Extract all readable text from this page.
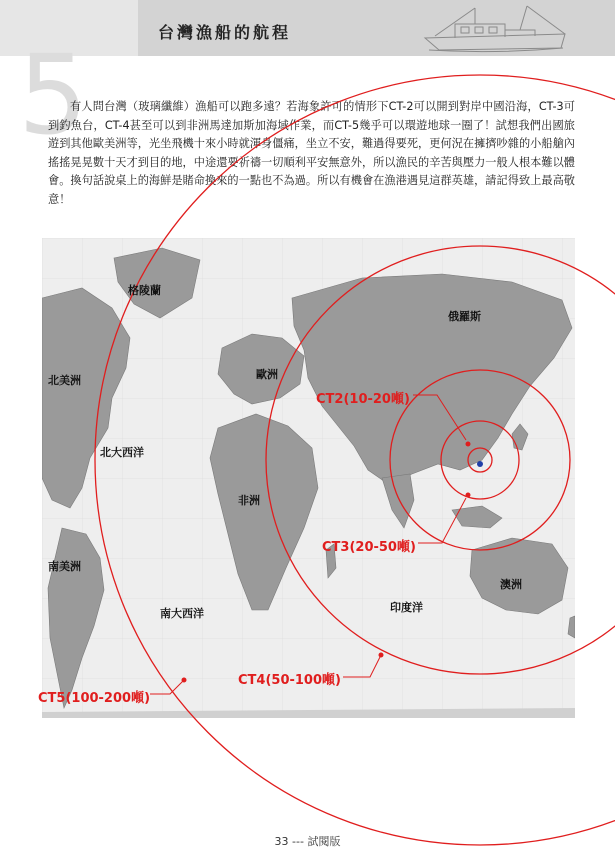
台灣漁船的航程
5
有人問台灣（玻璃纖維）漁船可以跑多遠？若海象許可的情形下CT-2可以開到對岸中國沿海，CT-3可到釣魚台，CT-4甚至可以到非洲馬達加斯加海域作業，而CT-5幾乎可以環遊地球一圈了！試想我們出國旅遊到其他歐美洲等，光坐飛機十來小時就渾身僵痛，坐立不安，難過得要死，更何況在擁擠吵雜的小船艙內搖搖晃晃數十天才到目的地，中途還要祈禱一切順利平安無意外，所以漁民的辛苦與壓力一般人根本難以體會。換句話說桌上的海鮮是賭命換來的一點也不為過。所以有機會在漁港遇見這群英雄，請記得致上最高敬意！
格陵蘭
北美洲
北大西洋
歐洲
非洲
南美洲
南大西洋
俄羅斯
印度洋
澳洲
CT2(10-20噸)
CT3(20-50噸)
CT4(50-100噸)
CT5(100-200噸)
33 --- 試閱版
